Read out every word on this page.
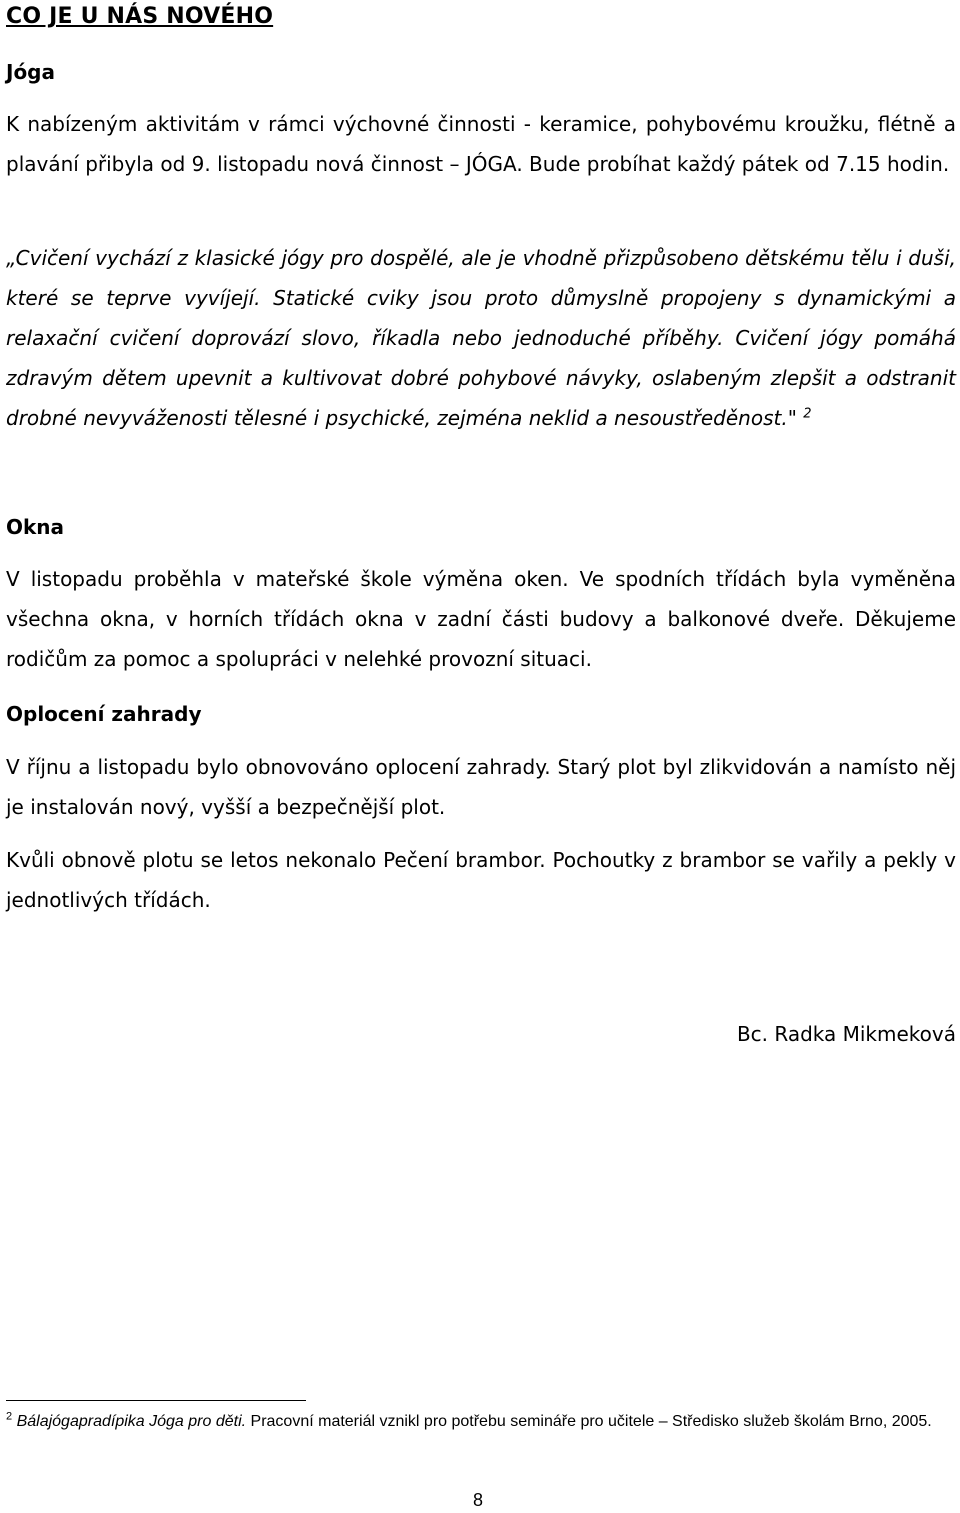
CO JE U NÁS NOVÉHO
Jóga
K nabízeným aktivitám v rámci výchovné činnosti - keramice, pohybovému kroužku, flétně a plavání přibyla od 9. listopadu nová činnost – JÓGA. Bude probíhat každý pátek od 7.15 hodin.
„Cvičení vychází z klasické jógy pro dospělé, ale je vhodně přizpůsobeno dětskému tělu i duši, které se teprve vyvíjejí. Statické cviky jsou proto důmyslně propojeny s dynamickými a relaxační cvičení doprovází slovo, říkadla nebo jednoduché příběhy. Cvičení jógy pomáhá zdravým dětem upevnit a kultivovat dobré pohybové návyky, oslabeným zlepšit a odstranit drobné nevyváženosti tělesné i psychické, zejména neklid a nesoustředěnost." $^2$
Okna
V listopadu proběhla v mateřské škole výměna oken. Ve spodních třídách byla vyměněna všechna okna, v horních třídách okna v zadní části budovy a balkonové dveře. Děkujeme rodičům za pomoc a spolupráci v nelehké provozní situaci.
Oplocení zahrady
V říjnu a listopadu bylo obnovováno oplocení zahrady. Starý plot byl zlikvidován a namísto něj je instalován nový, vyšší a bezpečnější plot.
Kvůli obnově plotu se letos nekonalo Pečení brambor. Pochoutky z brambor se vařily a pekly v jednotlivých třídách.
Bc. Radka Mikmeková
$^2$ Bálajógapradípika Jóga pro děti. Pracovní materiál vznikl pro potřebu semináře pro učitele – Středisko služeb školám Brno, 2005.
8
